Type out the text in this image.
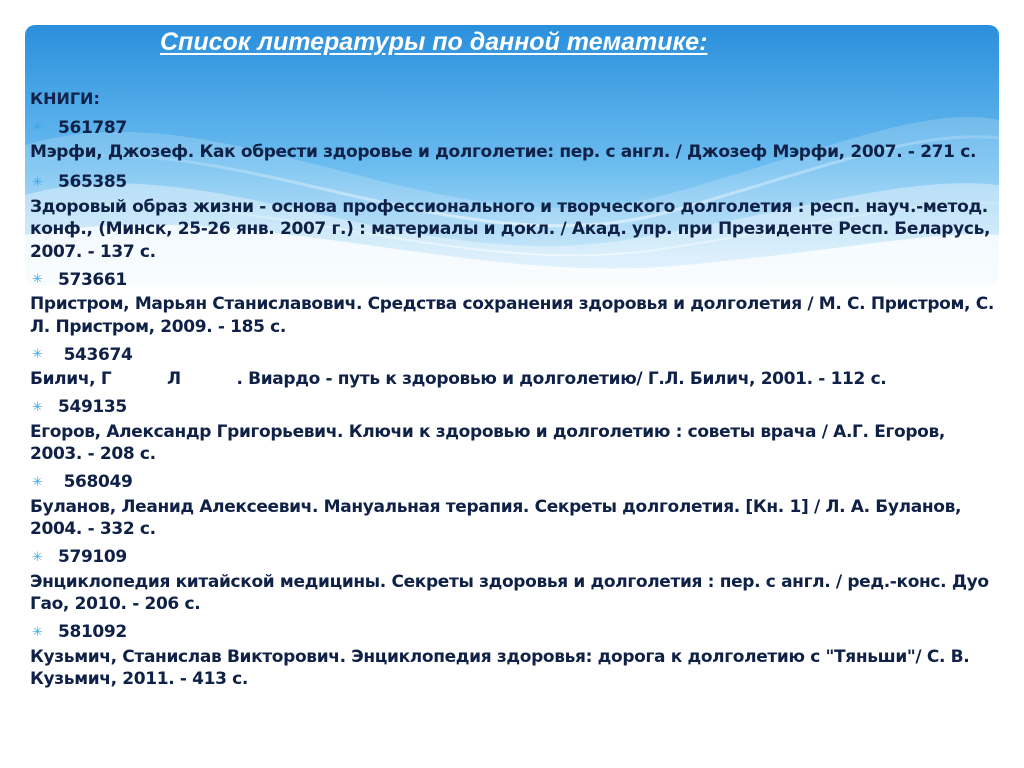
Список литературы по данной тематике:
КНИГИ:
✳ 561787
Мэрфи, Джозеф. Как обрести здоровье и долголетие: пер. с англ. / Джозеф Мэрфи, 2007. - 271 с.
✳ 565385
Здоровый образ жизни - основа профессионального и творческого долголетия : респ. науч.-метод. конф., (Минск, 25-26 янв. 2007 г.) : материалы и докл. / Акад. упр. при Президенте Респ. Беларусь, 2007. - 137 с.
✳ 573661
Пристром, Марьян Станиславович. Средства сохранения здоровья и долголетия / М. С. Пристром, С. Л. Пристром, 2009. - 185 с.
✳ 543674
Билич, Г          Л          . Виардо - путь к здоровью и долголетию/ Г.Л. Билич, 2001. - 112 с.
✳ 549135
Егоров, Александр Григорьевич. Ключи к здоровью и долголетию : советы врача / А.Г. Егоров, 2003. - 208 с.
✳ 568049
Буланов, Леанид Алексеевич. Мануальная терапия. Секреты долголетия. [Кн. 1] / Л. А. Буланов, 2004. - 332 с.
✳ 579109
Энциклопедия китайской медицины. Секреты здоровья и долголетия : пер. с англ. / ред.-конс. Дуо Гао, 2010. - 206 с.
✳ 581092
Кузьмич, Станислав Викторович. Энциклопедия здоровья: дорога к долголетию с "Тяньши"/ С. В. Кузьмич, 2011. - 413 с.
